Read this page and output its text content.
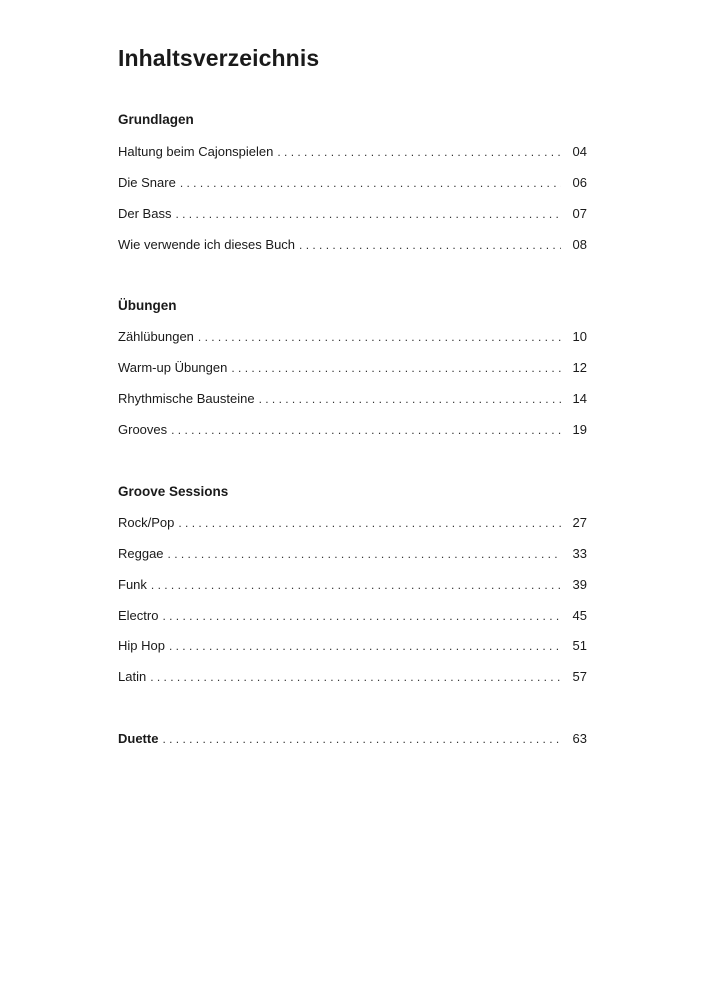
Inhaltsverzeichnis
Grundlagen
Haltung beim Cajonspielen . . .	04
Die Snare . . .	06
Der Bass . . .	07
Wie verwende ich dieses Buch . . .	08
Übungen
Zählübungen . . .	10
Warm-up Übungen . . .	12
Rhythmische Bausteine . . .	14
Grooves . . .	19
Groove Sessions
Rock/Pop . . .	27
Reggae . . .	33
Funk . . .	39
Electro . . .	45
Hip Hop . . .	51
Latin . . .	57
Duette . . .	63
